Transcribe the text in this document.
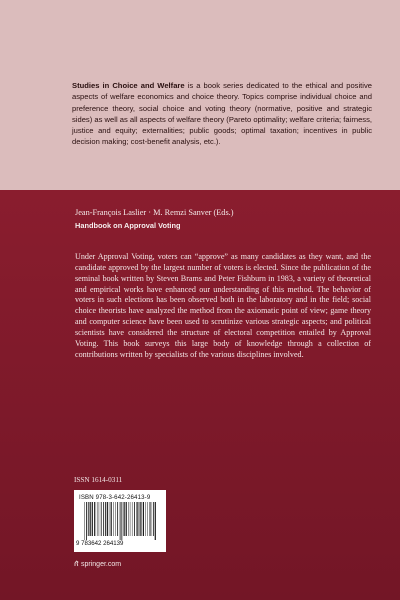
Studies in Choice and Welfare is a book series dedicated to the ethical and positive aspects of welfare economics and choice theory. Topics comprise individual choice and preference theory, social choice and voting theory (normative, positive and strategic sides) as well as all aspects of welfare theory (Pareto optimality; welfare criteria; fairness, justice and equity; externalities; public goods; optimal taxation; incentives in public decision making; cost-benefit analysis, etc.).
Jean-François Laslier · M. Remzi Sanver (Eds.)
Handbook on Approval Voting
Under Approval Voting, voters can “approve” as many candidates as they want, and the candidate approved by the largest number of voters is elected. Since the publication of the seminal book written by Steven Brams and Peter Fishburn in 1983, a variety of theoretical and empirical works have enhanced our understanding of this method. The behavior of voters in such elections has been observed both in the laboratory and in the field; social choice theorists have analyzed the method from the axiomatic point of view; game theory and computer science have been used to scrutinize various strategic aspects; and political scientists have considered the structure of electoral competition entailed by Approval Voting. This book surveys this large body of knowledge through a collection of contributions written by specialists of the various disciplines involved.
ISSN 1614-0311
ISBN 978-3-642-26413-9
9 783642 264139
springer.com
